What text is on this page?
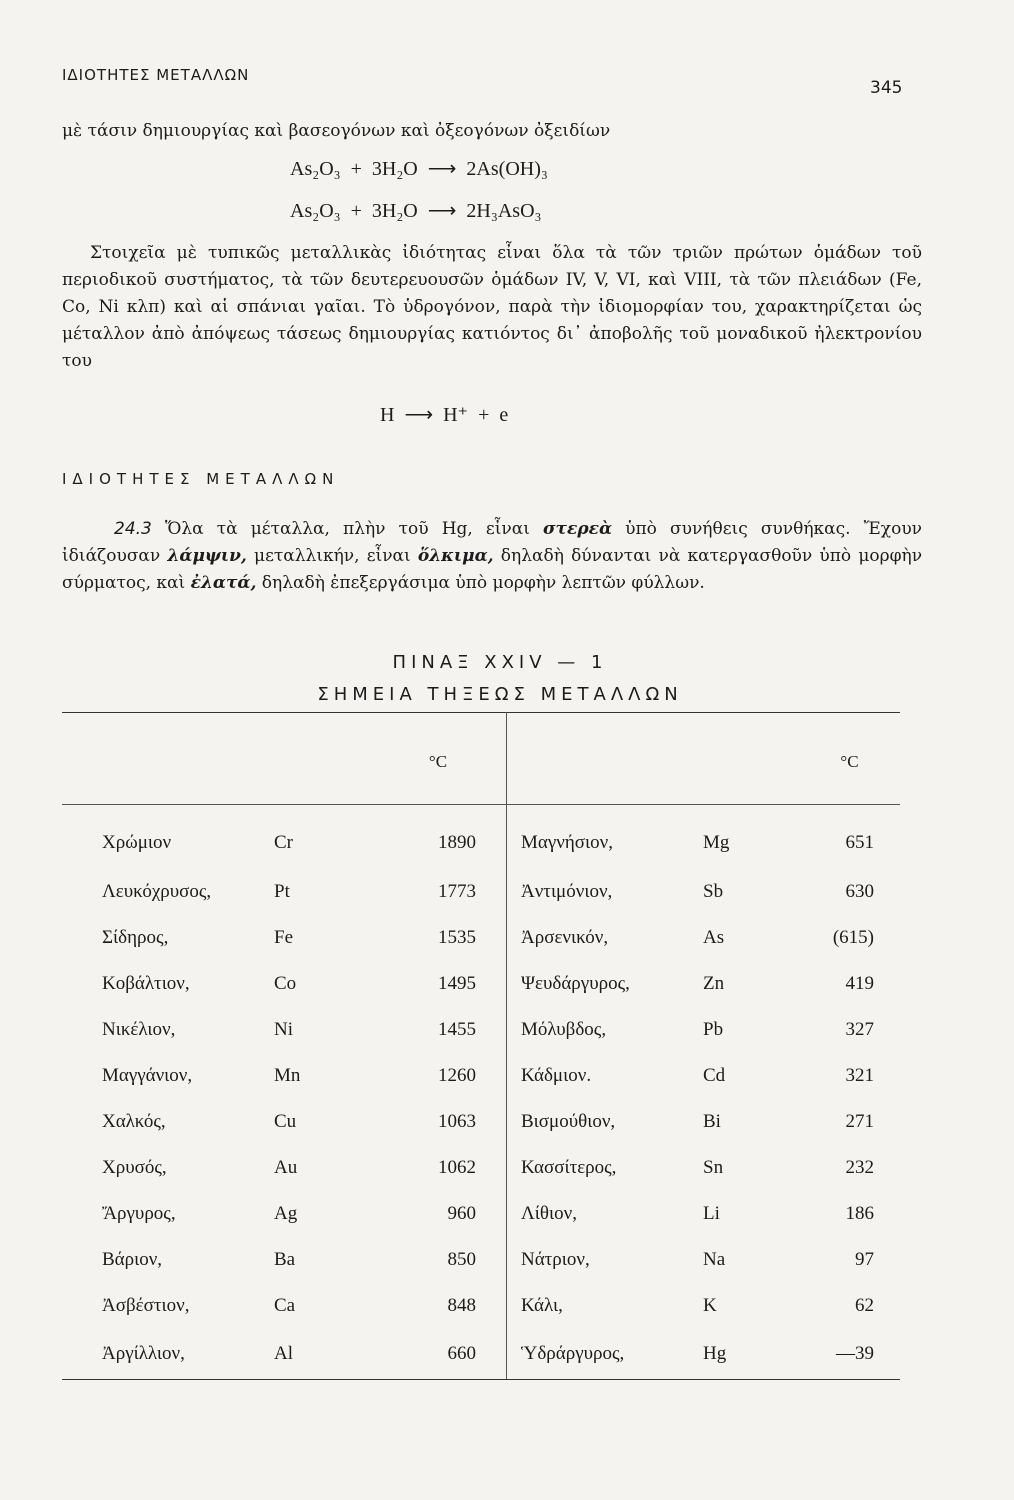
ΙΔΙΟΤΗΤΕΣ ΜΕΤΑΛΛΩΝ
345
μὲ τάσιν δημιουργίας καὶ βασεογόνων καὶ ὀξεογόνων ὀξειδίων
As₂O₃  +  3H₂O  ⟶  2As(OH)₃
As₂O₃  +  3H₂O  ⟶  2H₃AsO₃
Στοιχεῖα μὲ τυπικῶς μεταλλικὰς ἰδιότητας εἶναι ὅλα τὰ τῶν τριῶν πρώτων ὁμάδων τοῦ περιοδικοῦ συστήματος, τὰ τῶν δευτερευουσῶν ὁμάδων IV, V, VI, καὶ VIII, τὰ τῶν πλειάδων (Fe, Co, Ni κλπ) καὶ αἱ σπάνιαι γαῖαι. Τὸ ὑδρογόνον, παρὰ τὴν ἰδιομορφίαν του, χαρακτηρίζεται ὡς μέταλλον ἀπὸ ἀπόψεως τάσεως δημιουργίας κατιόντος δι᾽ ἀποβολῆς τοῦ μοναδικοῦ ἠλεκτρονίου του
H  ⟶  H⁺  +  e
ΙΔΙΟΤΗΤΕΣ ΜΕΤΑΛΛΩΝ
24.3 Ὅλα τὰ μέταλλα, πλὴν τοῦ Hg, εἶναι στερεὰ ὑπὸ συνήθεις συνθήκας. Ἔχουν ἰδιάζουσαν λάμψιν, μεταλλικήν, εἶναι ὅλκιμα, δηλαδὴ δύνανται νὰ κατεργασθοῦν ὑπὸ μορφὴν σύρματος, καὶ ἐλατά, δηλαδὴ ἐπεξεργάσιμα ὑπὸ μορφὴν λεπτῶν φύλλων.
ΠΙΝΑΞ XXIV — 1
ΣΗΜΕΙΑ ΤΗΞΕΩΣ ΜΕΤΑΛΛΩΝ
		°C			°C
Χρώμιον	Cr	1890	Μαγνήσιον,	Mg	651
Λευκόχρυσος,	Pt	1773	Ἀντιμόνιον,	Sb	630
Σίδηρος,	Fe	1535	Ἀρσενικόν,	As	(615)
Κοβάλτιον,	Co	1495	Ψευδάργυρος,	Zn	419
Νικέλιον,	Ni	1455	Μόλυβδος,	Pb	327
Μαγγάνιον,	Mn	1260	Κάδμιον.	Cd	321
Χαλκός,	Cu	1063	Βισμούθιον,	Bi	271
Χρυσός,	Au	1062	Κασσίτερος,	Sn	232
Ἄργυρος,	Ag	960	Λίθιον,	Li	186
Βάριον,	Ba	850	Νάτριον,	Na	97
Ἀσβέστιον,	Ca	848	Κάλι,	K	62
Ἀργίλλιον,	Al	660	Ὑδράργυρος,	Hg	—39
